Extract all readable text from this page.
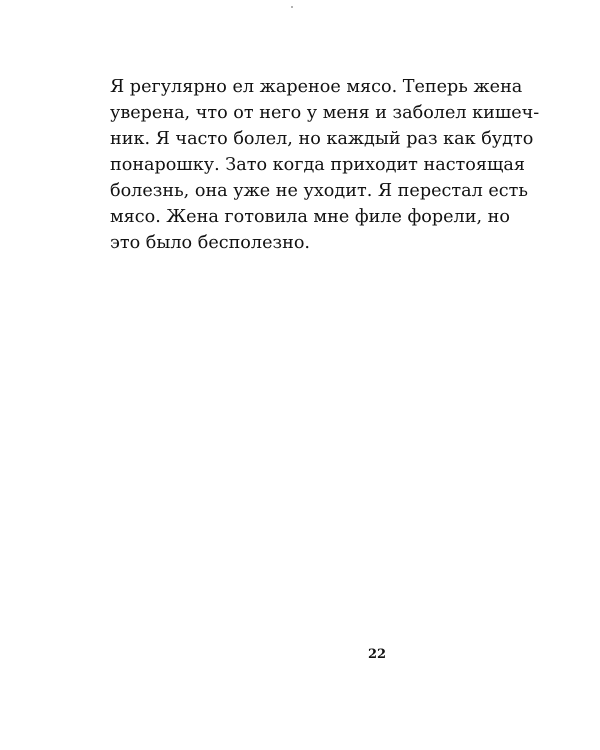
Я регулярно ел жареное мясо. Теперь жена
уверена, что от него у меня и заболел кишеч-
ник. Я часто болел, но каждый раз как будто
понарошку. Зато когда приходит настоящая
болезнь, она уже не уходит. Я перестал есть
мясо. Жена готовила мне филе форели, но
это было бесполезно.
22
